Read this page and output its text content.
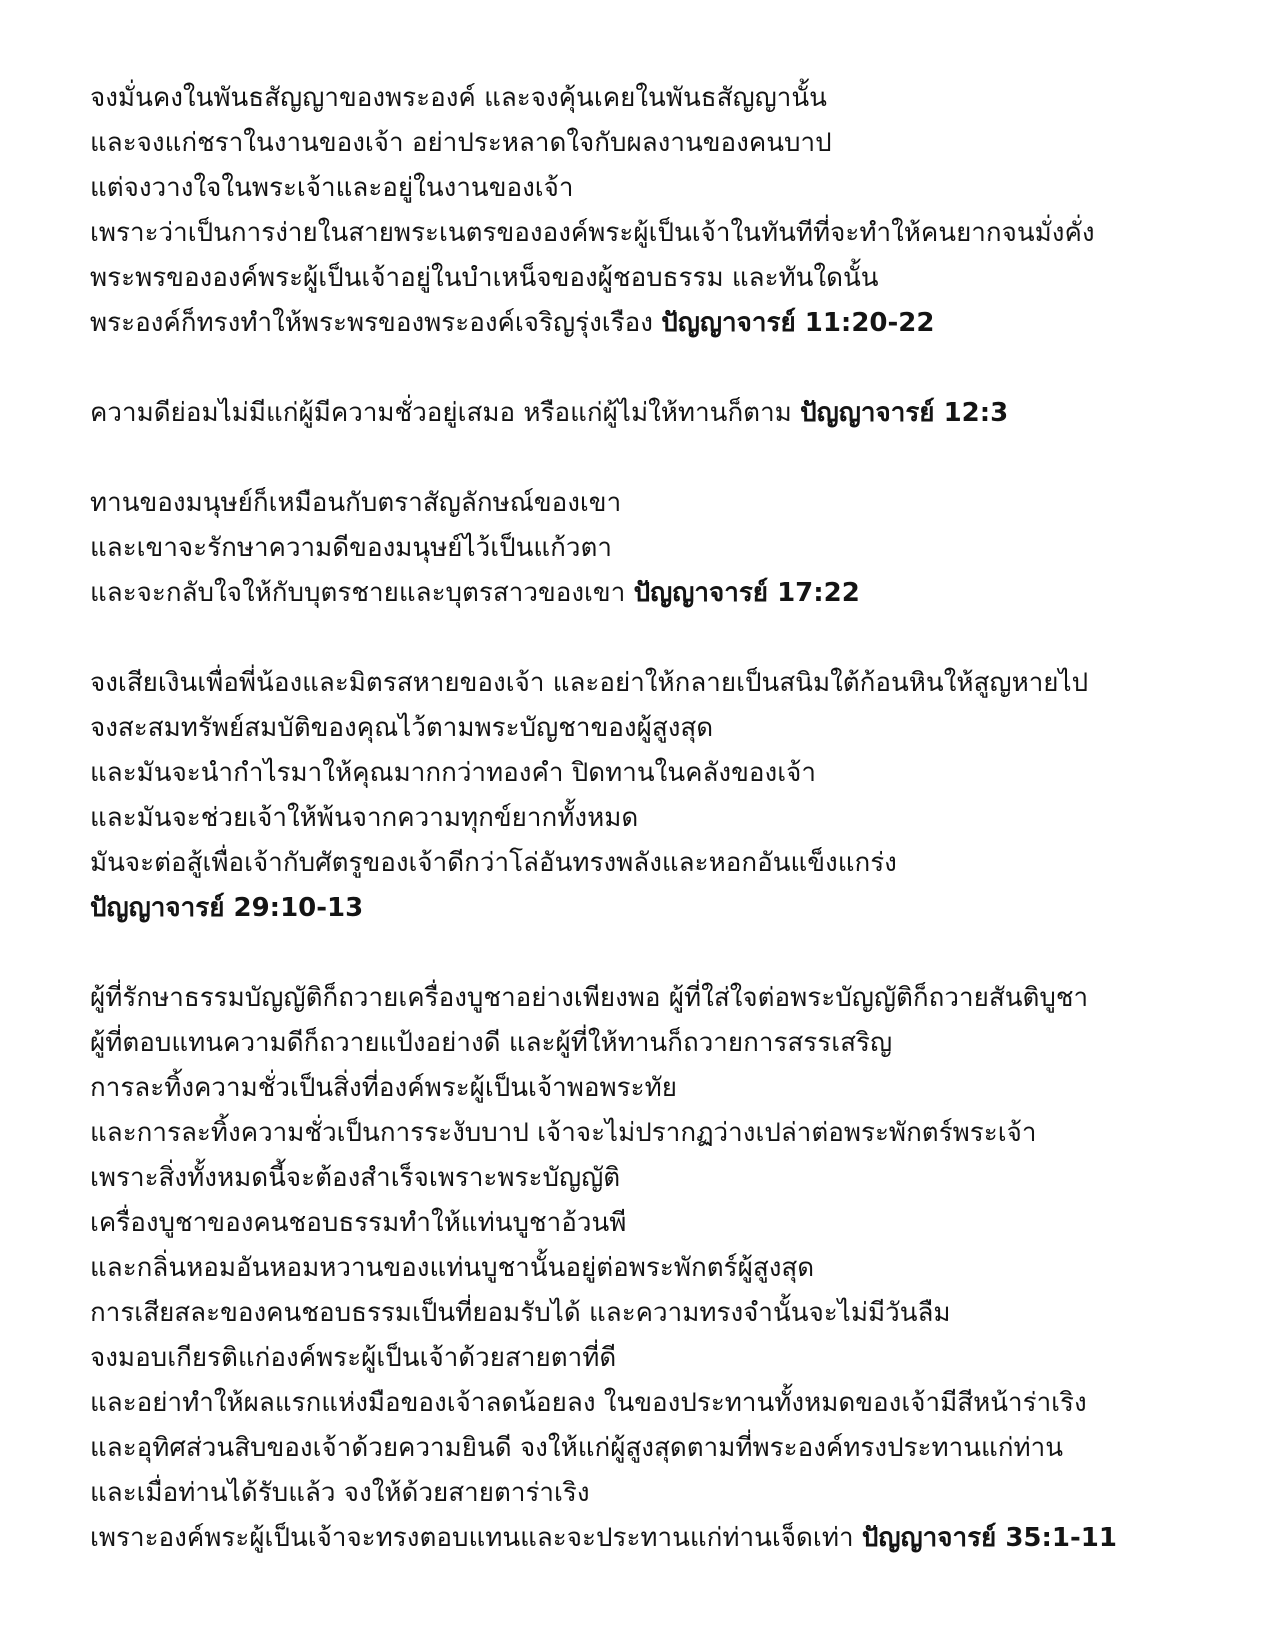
จงมั่นคงในพันธสัญญาของพระองค์ และจงคุ้นเคยในพันธสัญญานั้น
และจงแก่ชราในงานของเจ้า อย่าประหลาดใจกับผลงานของคนบาป
แต่จงวางใจในพระเจ้าและอยู่ในงานของเจ้า
เพราะว่าเป็นการง่ายในสายพระเนตรขององค์พระผู้เป็นเจ้าในทันทีที่จะทำให้คนยากจนมั่งคั่ง
พระพรขององค์พระผู้เป็นเจ้าอยู่ในบำเหน็จของผู้ชอบธรรม และทันใดนั้น
พระองค์ก็ทรงทำให้พระพรของพระองค์เจริญรุ่งเรือง ปัญญาจารย์ 11:20-22
ความดีย่อมไม่มีแก่ผู้มีความชั่วอยู่เสมอ หรือแก่ผู้ไม่ให้ทานก็ตาม ปัญญาจารย์ 12:3
ทานของมนุษย์ก็เหมือนกับตราสัญลักษณ์ของเขา
และเขาจะรักษาความดีของมนุษย์ไว้เป็นแก้วตา
และจะกลับใจให้กับบุตรชายและบุตรสาวของเขา ปัญญาจารย์ 17:22
จงเสียเงินเพื่อพี่น้องและมิตรสหายของเจ้า และอย่าให้กลายเป็นสนิมใต้ก้อนหินให้สูญหายไป
จงสะสมทรัพย์สมบัติของคุณไว้ตามพระบัญชาของผู้สูงสุด
และมันจะนำกำไรมาให้คุณมากกว่าทองคำ ปิดทานในคลังของเจ้า
และมันจะช่วยเจ้าให้พ้นจากความทุกข์ยากทั้งหมด
มันจะต่อสู้เพื่อเจ้ากับศัตรูของเจ้าดีกว่าโล่อันทรงพลังและหอกอันแข็งแกร่ง
ปัญญาจารย์ 29:10-13
ผู้ที่รักษาธรรมบัญญัติก็ถวายเครื่องบูชาอย่างเพียงพอ ผู้ที่ใส่ใจต่อพระบัญญัติก็ถวายสันติบูชา
ผู้ที่ตอบแทนความดีก็ถวายแป้งอย่างดี และผู้ที่ให้ทานก็ถวายการสรรเสริญ
การละทิ้งความชั่วเป็นสิ่งที่องค์พระผู้เป็นเจ้าพอพระทัย
และการละทิ้งความชั่วเป็นการระงับบาป เจ้าจะไม่ปรากฏว่างเปล่าต่อพระพักตร์พระเจ้า
เพราะสิ่งทั้งหมดนี้จะต้องสำเร็จเพราะพระบัญญัติ
เครื่องบูชาของคนชอบธรรมทำให้แท่นบูชาอ้วนพี
และกลิ่นหอมอันหอมหวานของแท่นบูชานั้นอยู่ต่อพระพักตร์ผู้สูงสุด
การเสียสละของคนชอบธรรมเป็นที่ยอมรับได้ และความทรงจำนั้นจะไม่มีวันลืม
จงมอบเกียรติแก่องค์พระผู้เป็นเจ้าด้วยสายตาที่ดี
และอย่าทำให้ผลแรกแห่งมือของเจ้าลดน้อยลง ในของประทานทั้งหมดของเจ้ามีสีหน้าร่าเริง
และอุทิศส่วนสิบของเจ้าด้วยความยินดี จงให้แก่ผู้สูงสุดตามที่พระองค์ทรงประทานแก่ท่าน
และเมื่อท่านได้รับแล้ว จงให้ด้วยสายตาร่าเริง
เพราะองค์พระผู้เป็นเจ้าจะทรงตอบแทนและจะประทานแก่ท่านเจ็ดเท่า ปัญญาจารย์ 35:1-11
